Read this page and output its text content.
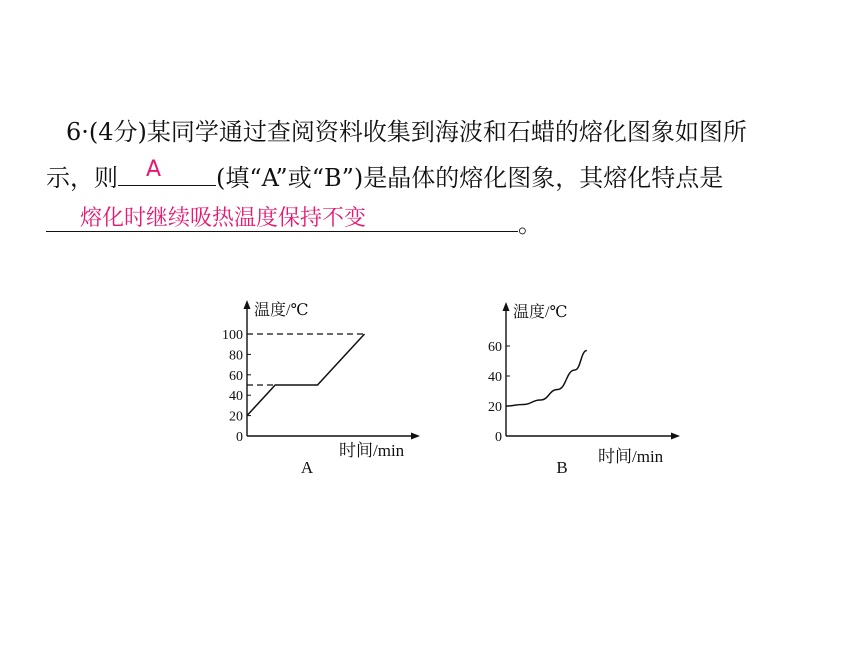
6·(4分)某同学通过查阅资料收集到海波和石蜡的熔化图象如图所
示，则 A (填“A”或“B”)是晶体的熔化图象，其熔化特点是
熔化时继续吸热温度保持不变	。
温度/℃
时间/min
A
100
80
60
40
20
0
温度/℃
时间/min
B
60
40
20
0
